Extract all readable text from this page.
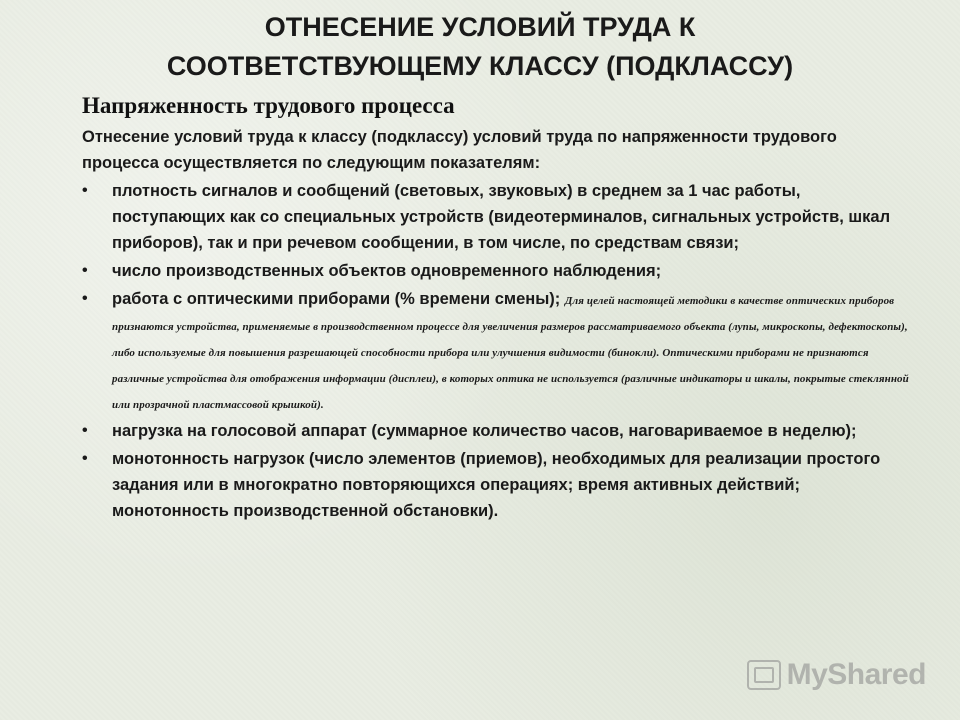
ОТНЕСЕНИЕ УСЛОВИЙ ТРУДА К
СООТВЕТСТВУЮЩЕМУ КЛАССУ (ПОДКЛАССУ)
Напряженность трудового процесса

Отнесение условий труда к классу (подклассу) условий труда по напряженности трудового процесса осуществляется по следующим показателям:

• плотность сигналов и сообщений (световых, звуковых) в среднем за 1 час работы, поступающих как со специальных устройств (видеотерминалов, сигнальных устройств, шкал приборов), так и при речевом сообщении, в том числе, по средствам связи;
• число производственных объектов одновременного наблюдения;
• работа с оптическими приборами (% времени смены); Для целей настоящей методики в качестве оптических приборов признаются устройства, применяемые в производственном процессе для увеличения размеров рассматриваемого объекта (лупы, микроскопы, дефектоскопы), либо используемые для повышения разрешающей способности прибора или улучшения видимости (бинокли). Оптическими приборами не признаются различные устройства для отображения информации (дисплеи), в которых оптика не используется (различные индикаторы и шкалы, покрытые стеклянной или прозрачной пластмассовой крышкой).
• нагрузка на голосовой аппарат (суммарное количество часов, наговариваемое в неделю);
• монотонность нагрузок (число элементов (приемов), необходимых для реализации простого задания или в многократно повторяющихся операциях; время активных действий; монотонность производственной обстановки).
MyShared
